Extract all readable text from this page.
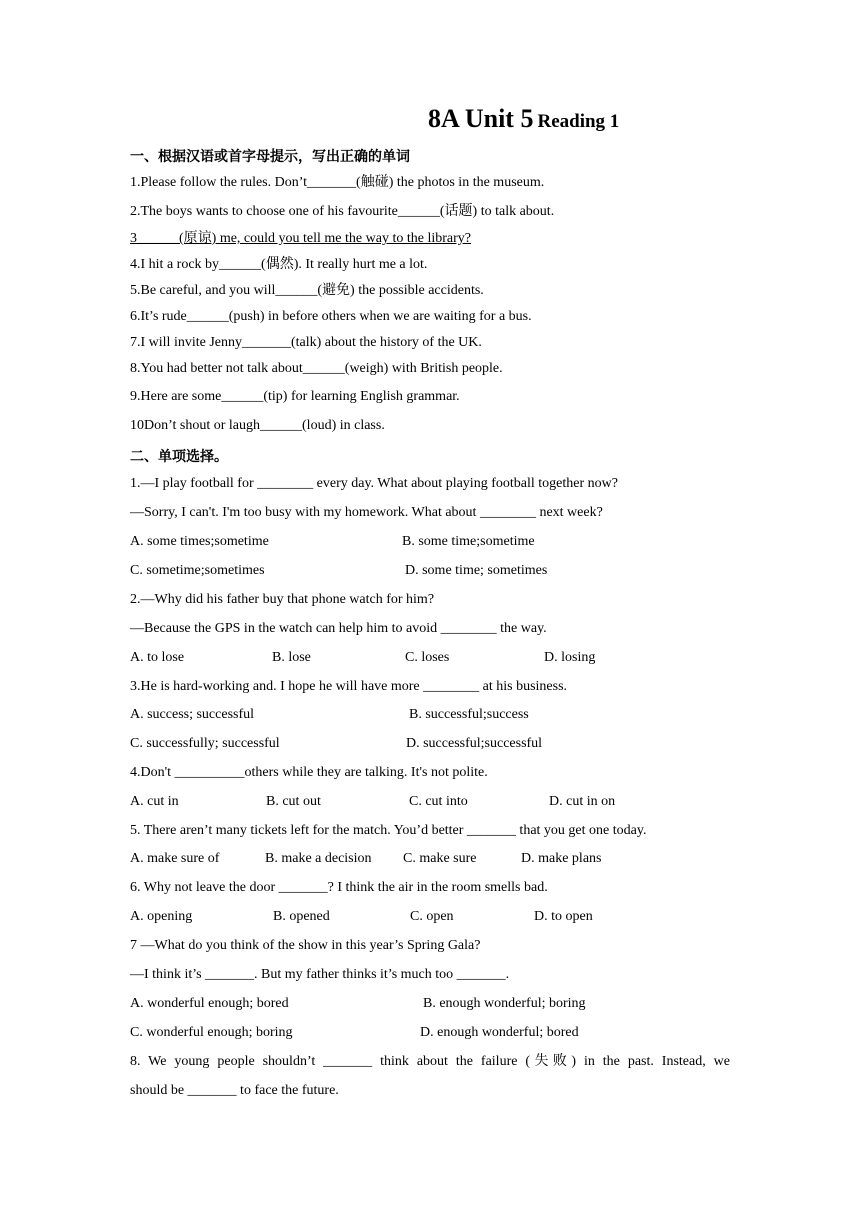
8A Unit 5 Reading 1
一、根据汉语或首字母提示，写出正确的单词
1.Please follow the rules. Don’t_______(触碰) the photos in the museum.
2.The boys wants to choose one of his favourite______(话题) to talk about.
3______(原谅) me, could you tell me the way to the library?
4.I hit a rock by______(偶然). It really hurt me a lot.
5.Be careful, and you will______(避免) the possible accidents.
6.It’s rude______(push) in before others when we are waiting for a bus.
7.I will invite Jenny_______(talk) about the history of the UK.
8.You had better not talk about______(weigh) with British people.
9.Here are some______(tip) for learning English grammar.
10Don’t shout or laugh______(loud) in class.
二、单项选择。
1.—I play football for ________ every day. What about playing football together now?
—Sorry, I can't. I'm too busy with my homework. What about ________ next week?
A. some times;sometime	B. some time;sometime
C. sometime;sometimes	D. some time; sometimes
2.—Why did his father buy that phone watch for him?
—Because the GPS in the watch can help him to avoid ________ the way.
A. to lose	B. lose	C. loses	D. losing
3.He is hard-working and. I hope he will have more ________ at his business.
A. success; successful	B. successful;success
C. successfully; successful	D. successful;successful
4.Don't __________others while they are talking. It's not polite.
A. cut in	B. cut out	C. cut into	D. cut in on
5. There aren’t many tickets left for the match. You’d better _______ that you get one today.
A. make sure of	B. make a decision C. make sure	D. make plans
6. Why not leave the door _______? I think the air in the room smells bad.
A. opening	B. opened	C. open	D. to open
7 —What do you think of the show in this year’s Spring Gala?
—I think it’s _______. But my father thinks it’s much too _______.
A. wonderful enough; bored	B. enough wonderful; boring
C. wonderful enough; boring	D. enough wonderful; bored
8. We young people shouldn’t _______ think about the failure (失败) in the past. Instead, we
should be _______ to face the future.
